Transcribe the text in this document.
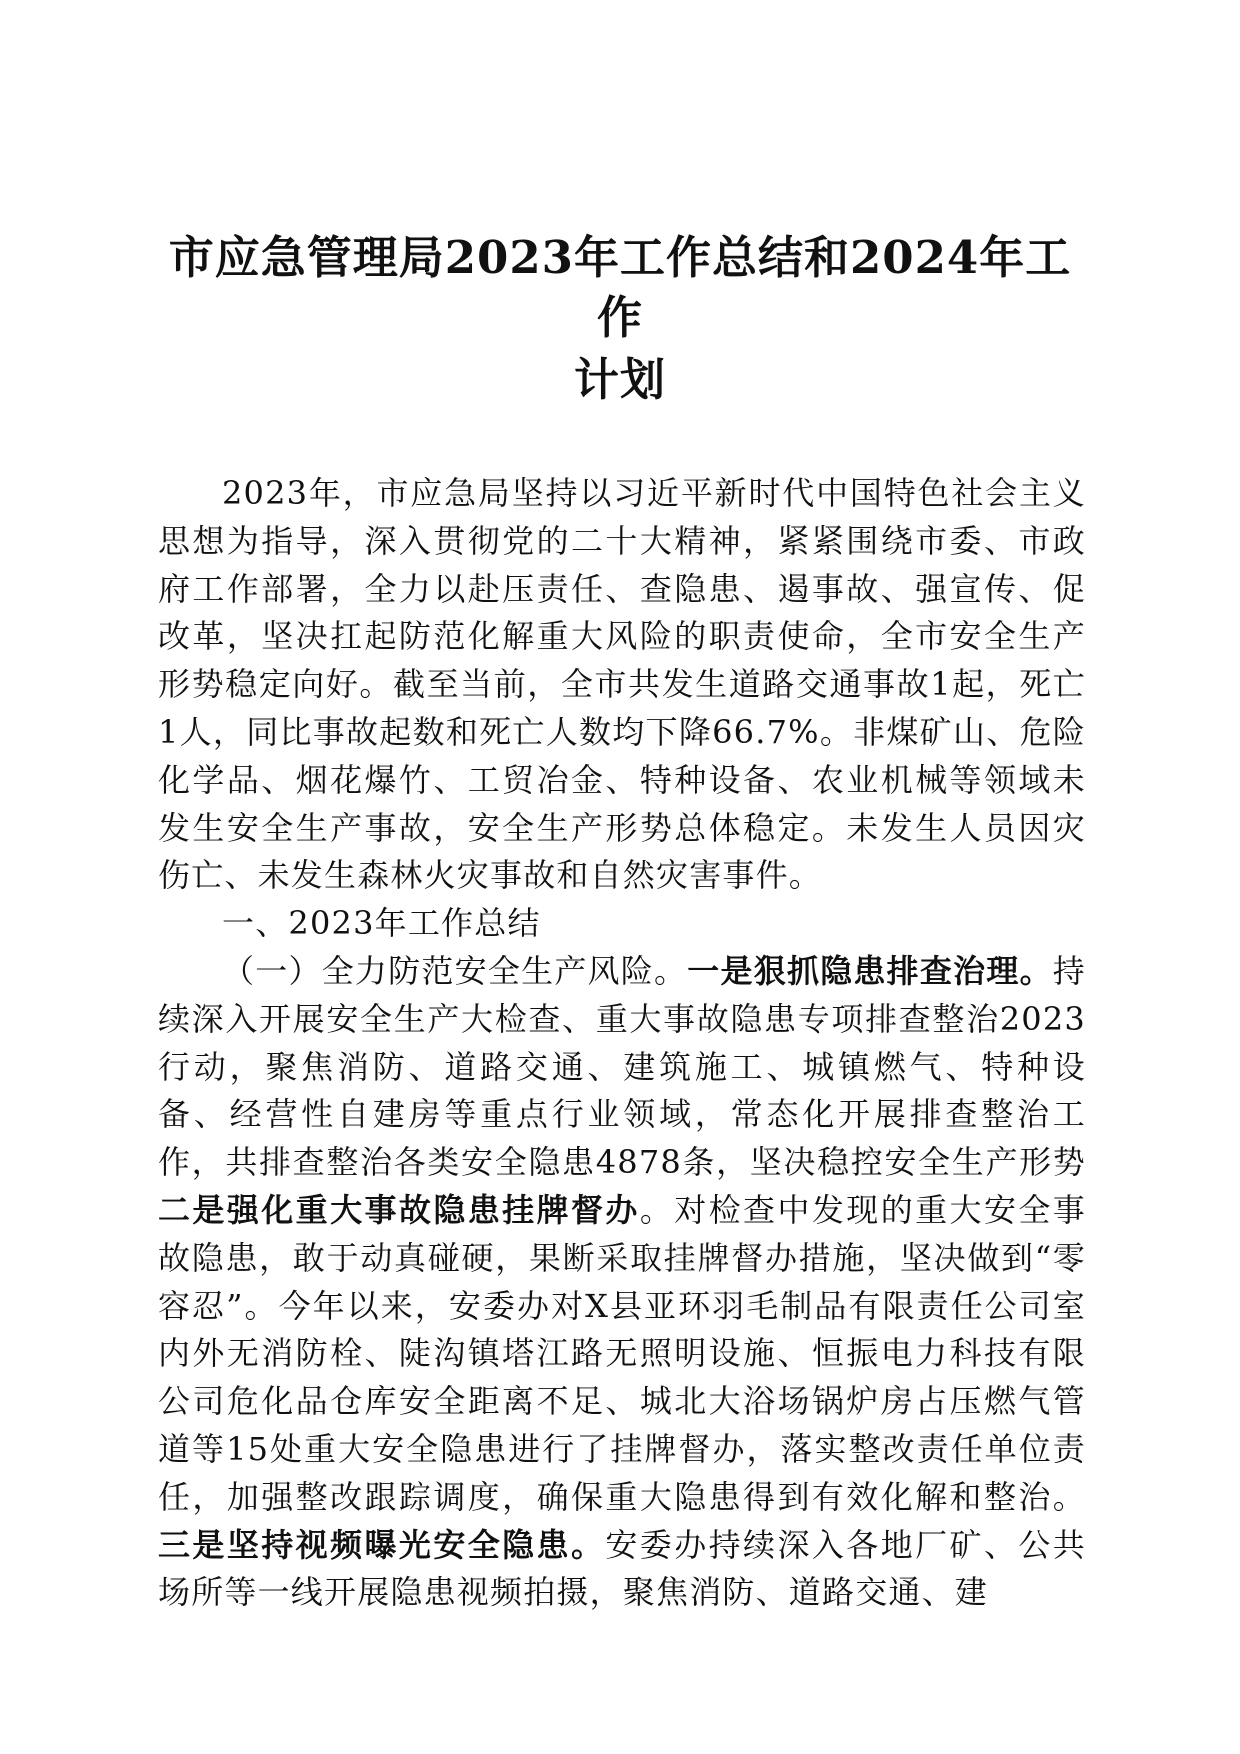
市应急管理局2023年工作总结和2024年工作
计划

2023年，市应急局坚持以习近平新时代中国特色社会主义思想为指导，深入贯彻党的二十大精神，紧紧围绕市委、市政府工作部署，全力以赴压责任、查隐患、遏事故、强宣传、促改革，坚决扛起防范化解重大风险的职责使命，全市安全生产形势稳定向好。截至当前，全市共发生道路交通事故1起，死亡1人，同比事故起数和死亡人数均下降66.7%。非煤矿山、危险化学品、烟花爆竹、工贸冶金、特种设备、农业机械等领域未发生安全生产事故，安全生产形势总体稳定。未发生人员因灾伤亡、未发生森林火灾事故和自然灾害事件。

一、2023年工作总结

（一）全力防范安全生产风险。一是狠抓隐患排查治理。持续深入开展安全生产大检查、重大事故隐患专项排查整治2023行动，聚焦消防、道路交通、建筑施工、城镇燃气、特种设备、经营性自建房等重点行业领域，常态化开展排查整治工作，共排查整治各类安全隐患4878条，坚决稳控安全生产形势二是强化重大事故隐患挂牌督办。对检查中发现的重大安全事故隐患，敢于动真碰硬，果断采取挂牌督办措施，坚决做到“零容忍”。今年以来，安委办对X县亚环羽毛制品有限责任公司室内外无消防栓、陡沟镇塔江路无照明设施、恒振电力科技有限公司危化品仓库安全距离不足、城北大浴场锅炉房占压燃气管道等15处重大安全隐患进行了挂牌督办，落实整改责任单位责任，加强整改跟踪调度，确保重大隐患得到有效化解和整治。三是坚持视频曝光安全隐患。安委办持续深入各地厂矿、公共场所等一线开展隐患视频拍摄，聚焦消防、道路交通、建
